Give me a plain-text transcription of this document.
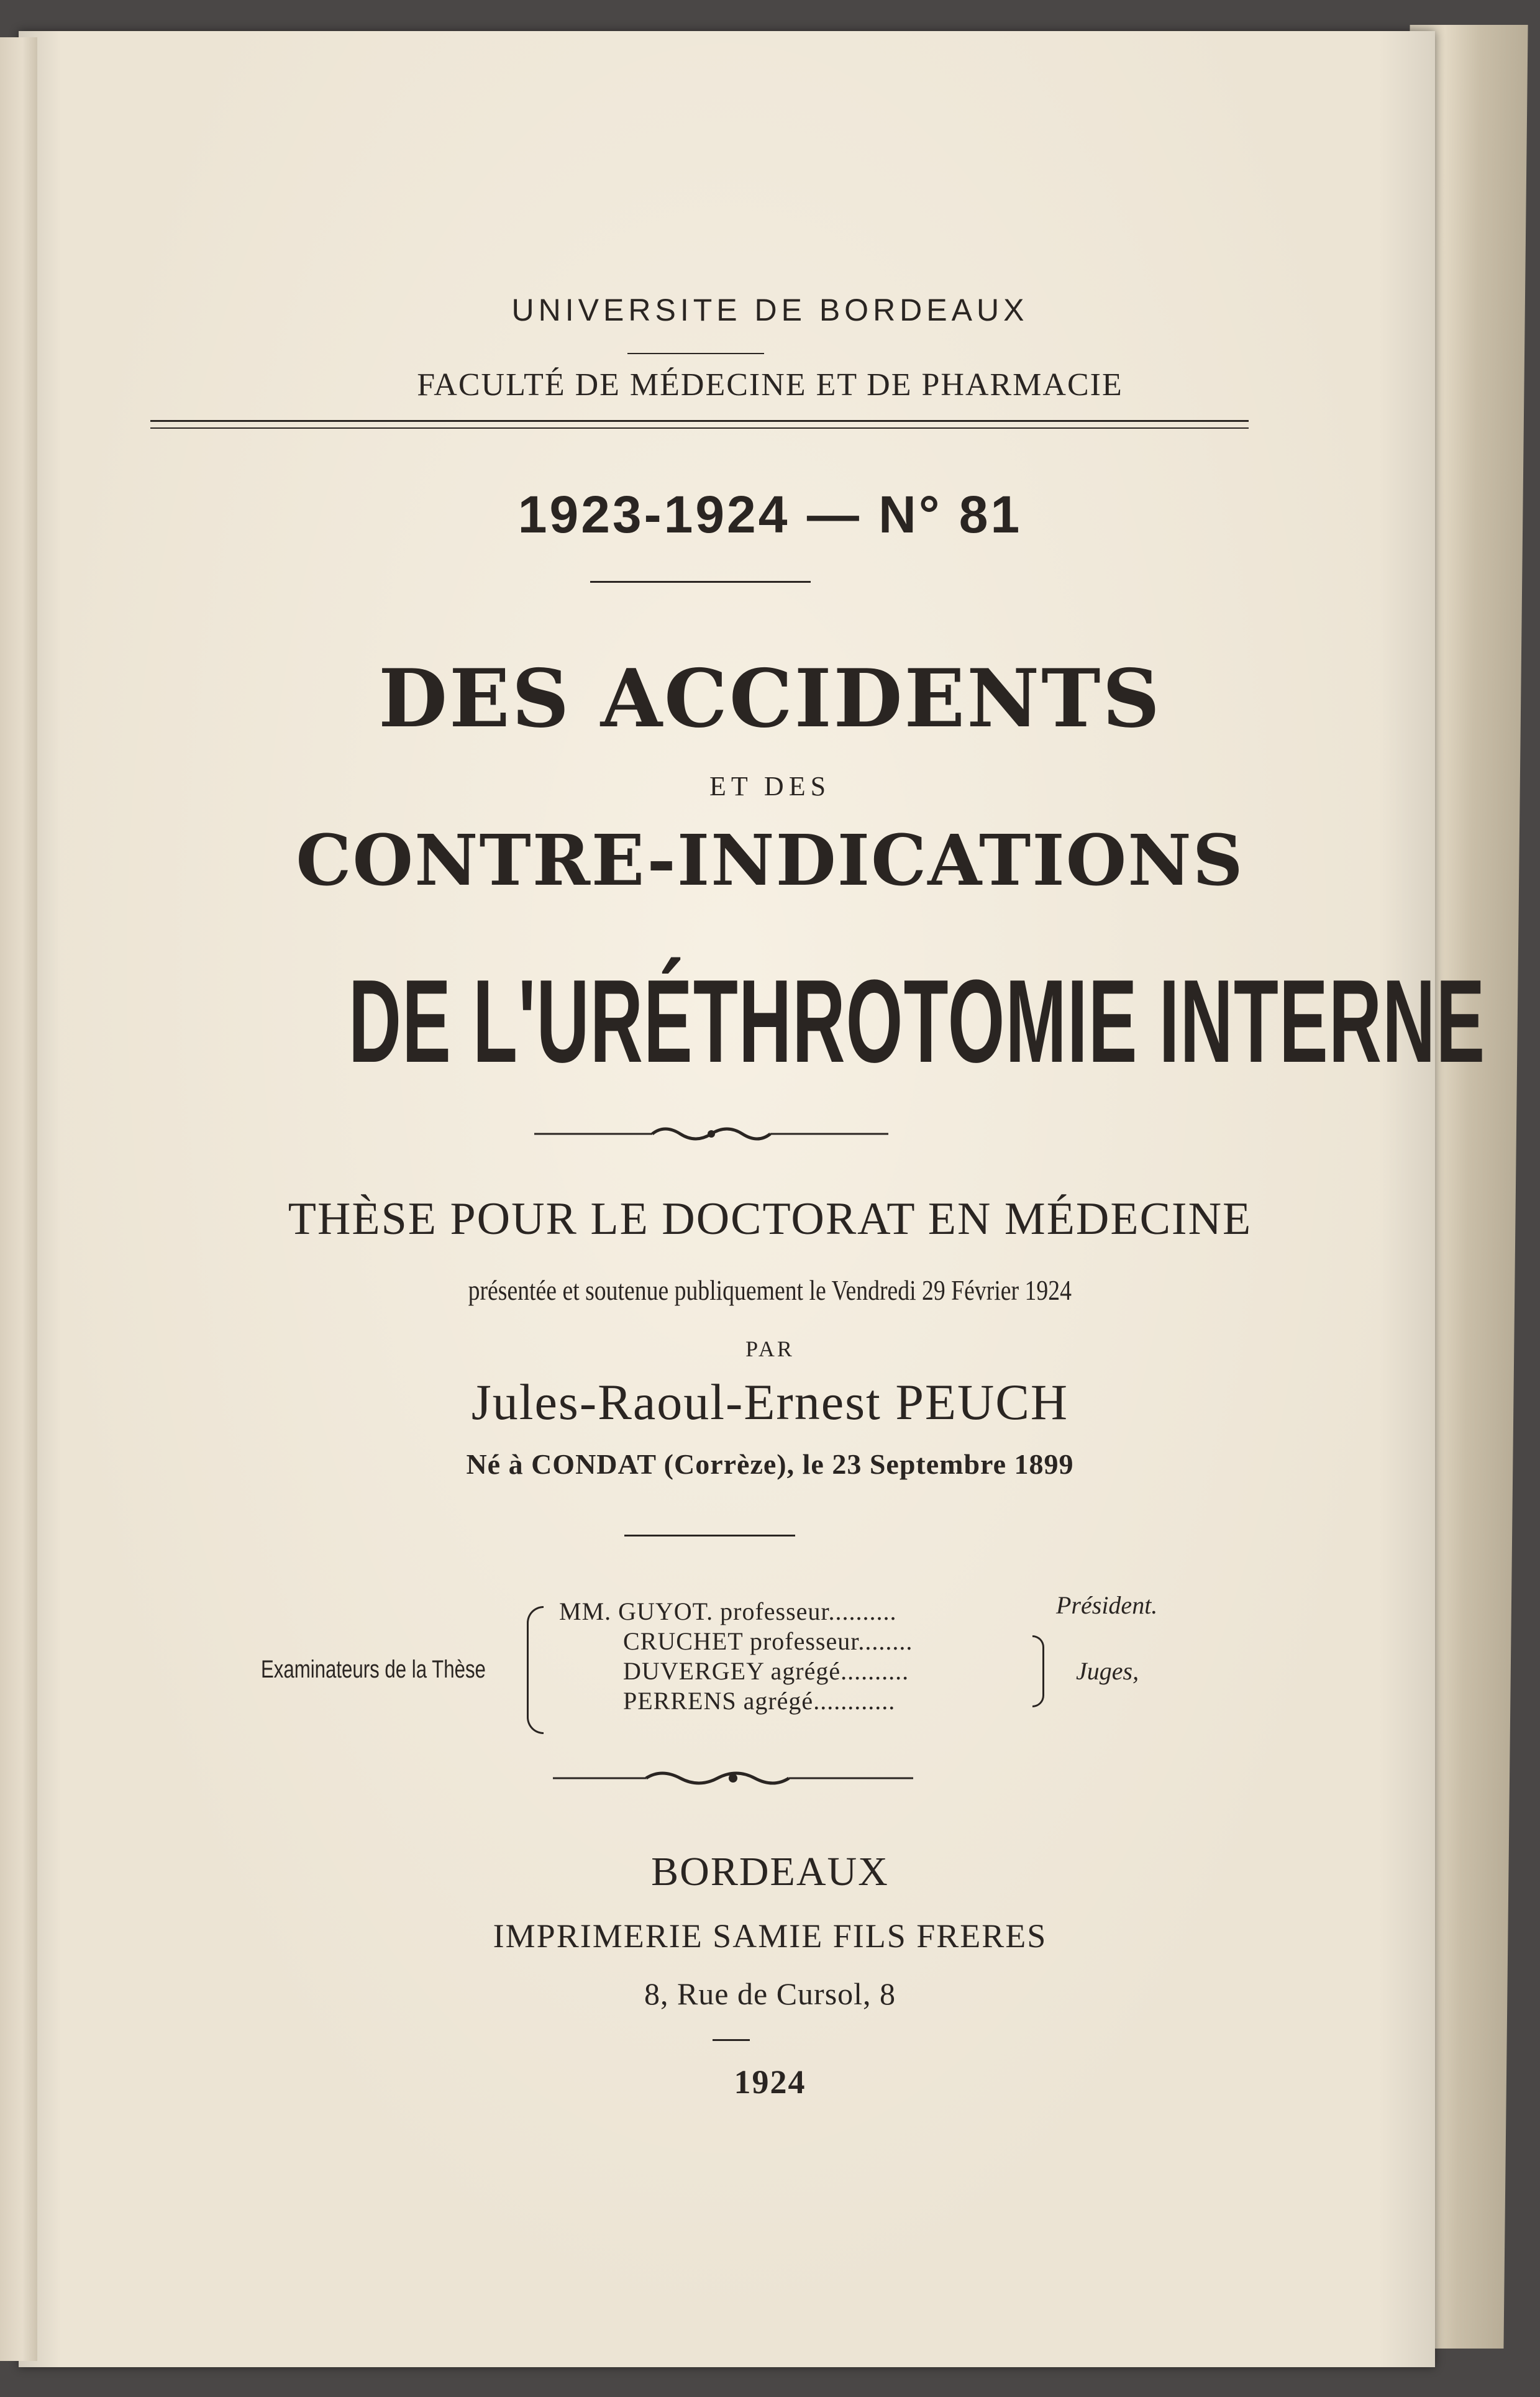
UNIVERSITE DE BORDEAUX
FACULTÉ DE MÉDECINE ET DE PHARMACIE
1923-1924 — N° 81
DES ACCIDENTS
ET DES
CONTRE-INDICATIONS
DE L'URÉTHROTOMIE INTERNE
THÈSE POUR LE DOCTORAT EN MÉDECINE
présentée et soutenue publiquement le Vendredi 29 Février 1924
PAR
Jules-Raoul-Ernest PEUCH
Né à CONDAT (Corrèze), le 23 Septembre 1899
Examinateurs de la Thèse
MM. GUYOT. professeur..........	Président.
CRUCHET professeur........
DUVERGEY agrégé..........
PERRENS agrégé............
Juges,
BORDEAUX
IMPRIMERIE SAMIE FILS FRERES
8, Rue de Cursol, 8
1924
